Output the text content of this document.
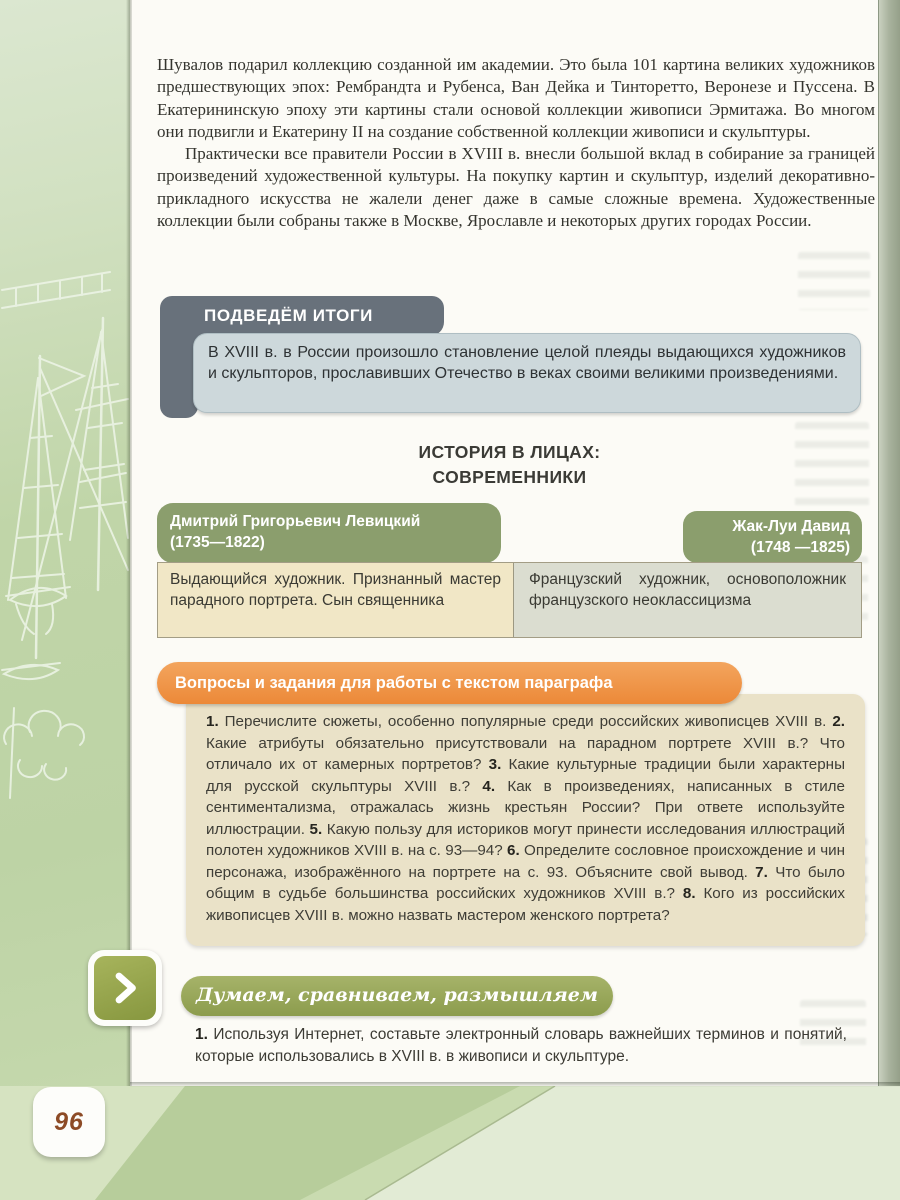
Шувалов подарил коллекцию созданной им академии. Это была 101 картина великих художников предшествующих эпох: Рембрандта и Рубенса, Ван Дейка и Тинторетто, Веронезе и Пуссена. В Екатерининскую эпоху эти картины стали основой коллекции живописи Эрмитажа. Во многом они подвигли и Екатерину II на создание собственной коллекции живописи и скульптуры.

Практически все правители России в XVIII в. внесли большой вклад в собирание за границей произведений художественной культуры. На покупку картин и скульптур, изделий декоративно-прикладного искусства не жалели денег даже в самые сложные времена. Художественные коллекции были собраны также в Москве, Ярославле и некоторых других городах России.

ПОДВЕДЁМ ИТОГИ
В XVIII в. в России произошло становление целой плеяды выдающихся художников и скульпторов, прославивших Отечество в веках своими великими произведениями.
ИСТОРИЯ В ЛИЦАХ:
СОВРЕМЕННИКИ
Дмитрий Григорьевич Левицкий
(1735—1822)
Жак-Луи Давид
(1748 —1825)
Выдающийся художник. Признанный мастер парадного портрета. Сын священника
Французский художник, основоположник французского неоклассицизма
1. Перечислите сюжеты, особенно популярные среди российских живописцев XVIII в. 2. Какие атрибуты обязательно присутствовали на парадном портрете XVIII в.? Что отличало их от камерных портретов? 3. Какие культурные традиции были характерны для русской скульптуры XVIII в.? 4. Как в произведениях, написанных в стиле сентиментализма, отражалась жизнь крестьян России? При ответе используйте иллюстрации. 5. Какую пользу для историков могут принести исследования иллюстраций полотен художников XVIII в. на с. 93—94? 6. Определите сословное происхождение и чин персонажа, изображённого на портрете на с. 93. Объясните свой вывод. 7. Что было общим в судьбе большинства российских художников XVIII в.? 8. Кого из российских живописцев XVIII в. можно назвать мастером женского портрета?
Вопросы и задания для работы с текстом параграфа
Думаем, сравниваем, размышляем
1. Используя Интернет, составьте электронный словарь важнейших терминов и понятий, которые использовались в XVIII в. в живописи и скульптуре.
96
